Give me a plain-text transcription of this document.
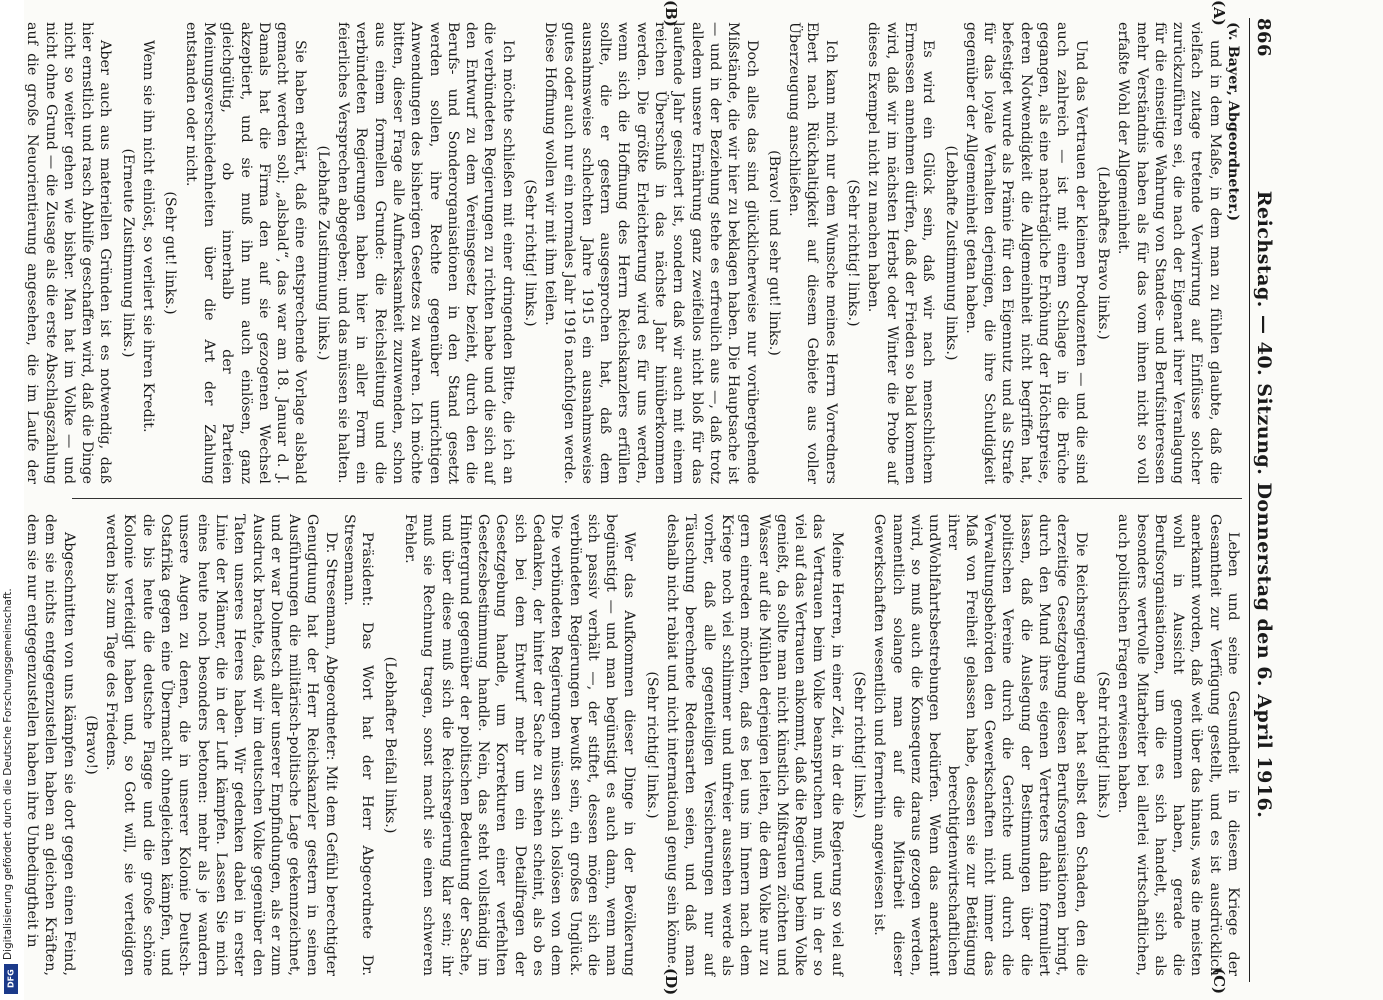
866
Reichstag. — 40. Sitzung. Donnerstag den 6. April 1916.
(A)
(B)
(C)
(D)

(v. Bayer, Abgeordneter.)

und in dem Maße, in dem man zu fühlen glaubte, daß die vielfach zutage tretende Verwirrung auf Einflüsse solcher zurückzuführen sei, die nach der Eigenart ihrer Veranlagung für die einseitige Wahrung von Standes- und Berufsinteressen mehr Verständnis haben als für das vom ihnen nicht so voll erfaßte Wohl der Allgemeinheit.

(Lebhaftes Bravo links.)

Und das Vertrauen der kleinen Produzenten — und die sind auch zahlreich — ist mit einem Schlage in die Brüche gegangen, als eine nachträgliche Erhöhung der Höchstpreise, deren Notwendigkeit die Allgemeinheit nicht begriffen hat, befestiget wurde als Prämie für den Eigennutz und als Strafe für das loyale Verhalten derjenigen, die ihre Schuldigkeit gegenüber der Allgemeinheit getan haben.

(Lebhafte Zustimmung links.)

Es wird ein Glück sein, daß wir nach menschlichem Ermessen annehmen dürfen, daß der Frieden so bald kommen wird, daß wir im nächsten Herbst oder Winter die Probe auf dieses Exempel nicht zu machen haben.

(Sehr richtig! links.)

Ich kann mich nur dem Wunsche meines Herrn Vorredners Ebert nach Rückhaltigkeit auf diesem Gebiete aus voller Überzeugung anschließen.

(Bravo! und sehr gut! links.)

Doch alles das sind glücklicherweise nur vorübergehende Mißstände, die wir hier zu beklagen haben. Die Hauptsache ist — und in der Beziehung stehe es erfreulich aus —, daß trotz alledem unsere Ernährung ganz zweifellos nicht bloß für das laufende Jahr gesichert ist, sondern daß wir auch mit einem reichen Überschuß in das nächste Jahr hinüberkommen werden. Die größte Erleichterung wird es für uns werden, wenn sich die Hoffnung des Herrn Reichskanzlers erfüllen sollte, die er gestern ausgesprochen hat, daß dem ausnahmsweise schlechten Jahre 1915 ein ausnahmsweise gutes oder auch nur ein normales Jahr 1916 nachfolgen werde. Diese Hoffnung wollen wir mit ihm teilen.

(Sehr richtig! links.)

Ich möchte schließen mit einer dringenden Bitte, die ich an die verbündeten Regierungen zu richten habe und die sich auf den Entwurf zu dem Vereinsgesetz bezieht, durch den die Berufs- und Sonderorganisationen in den Stand gesetzt werden sollen, ihre Rechte gegenüber unrichtigen Anwendungen des bisherigen Gesetzes zu wahren. Ich möchte bitten, dieser Frage alle Aufmerksamkeit zuzuwenden, schon aus einem formellen Grunde: die Reichsleitung und die verbündeten Regierungen haben hier in aller Form ein feierliches Versprechen abgegeben; und das müssen sie halten.

(Lebhafte Zustimmung links.)

Sie haben erklärt, daß eine entsprechende Vorlage alsbald gemacht werden soll; „alsbald“, das war am 18. Januar d. J. Damals hat die Firma den auf sie gezogenen Wechsel akzeptiert, und sie muß ihn nun auch einlösen, ganz gleichgültig, ob innerhalb der Parteien Meinungsverschiedenheiten über die Art der Zahlung entstanden oder nicht.

(Sehr gut! links.)

Wenn sie ihn nicht einlöst, so verliert sie ihren Kredit.

(Erneute Zustimmung links.)

Aber auch aus materiellen Gründen ist es notwendig, daß hier ernstlich und rasch Abhilfe geschaffen wird, daß die Dinge nicht so weiter gehen wie bisher. Man hat im Volke — und nicht ohne Grund — die Zusage als die erste Abschlagszahlung auf die große Neuorientierung angesehen, die im Laufe der

Leben und seine Gesundheit in diesem Kriege der Gesamtheit zur Verfügung gestellt, und es ist ausdrücklich anerkannt worden, daß weit über das hinaus, was die meisten wohl in Aussicht genommen haben, gerade die Berufsorganisationen, um die es sich handelt, sich als besonders wertvolle Mitarbeiter bei allerlei wirtschaftlichen, auch politischen Fragen erwiesen haben.

(Sehr richtig! links.)

Die Reichsregierung aber hat selbst den Schaden, den die derzeitige Gesetzgebung diesen Berufsorganisationen bringt, durch den Mund ihres eigenen Vertreters dahin formuliert lassen, daß die Auslegung der Bestimmungen über die politischen Vereine durch die Gerichte und durch die Verwaltungsbehörden den Gewerkschaften nicht immer das Maß von Freiheit gelassen habe, dessen sie zur Betätigung ihrer berechtigtenwirtschaftlichen undWohlfahrtsbestrebungen bedürfen. Wenn das anerkannt wird, so muß auch die Konsequenz daraus gezogen werden, namentlich solange man auf die Mitarbeit dieser Gewerkschaften wesentlich und fernerhin angewiesen ist.

(Sehr richtig! links.)

Meine Herren, in einer Zeit, in der die Regierung so viel auf das Vertrauen beim Volke beanspruchen muß, und in der so viel auf das Vertrauen ankommt, daß die Regierung beim Volke genießt, da sollte man nicht künstlich Mißtrauen züchten und Wasser auf die Mühlen derjenigen leiten, die dem Volke nur zu gern einreden möchten, daß es bei uns im Innern nach dem Kriege noch viel schlimmer und unfreier aussehen werde als vorher, daß alle gegenteiligen Versicherungen nur auf Täuschung berechnete Redensarten seien, und daß man deshalb nicht rabiat und nicht international genug sein könne.

(Sehr richtig! links.)

Wer das Aufkommen dieser Dinge in der Bevölkerung begünstigt — und man begünstigt es auch dann, wenn man sich passiv verhält —, der stiftet, dessen mögen sich die verbündeten Regierungen bewußt sein, ein großes Unglück. Die verbündeten Regierungen müssen sich loslösen von dem Gedanken, der hinter der Sache zu stehen scheint, als ob es sich bei dem Entwurf mehr um ein Detailfragen der Gesetzgebung handle, um Korrekturen einer verfehlten Gesetzesbestimmung handle. Nein, das steht vollständig im Hintergrund gegenüber der politischen Bedeutung der Sache, und über diese muß sich die Reichsregierung klar sein; ihr muß sie Rechnung tragen, sonst macht sie einen schweren Fehler.

(Lebhafter Beifall links.)

Präsident: Das Wort hat der Herr Abgeordnete Dr. Stresemann.

Dr. Stresemann, Abgeordneter: Mit dem Gefühl berechtigter Genugtuung hat der Herr Reichskanzler gestern in seinen Ausführungen die militärisch-politische Lage gekennzeichnet, und er war Dolmetsch aller unserer Empfindungen, als er zum Ausdruck brachte, daß wir im deutschen Volke gegenüber den Taten unseres Heeres haben. Wir gedenken dabei in erster Linie der Männer, die in der Luft kämpfen. Lassen Sie mich eines heute noch besonders betonen: mehr als je wandern unsere Augen zu denen, die in unserer Kolonie Deutsch-Ostafrika gegen eine Übermacht ohnegleichen kämpfen, und die bis heute die deutsche Flagge und die große schöne Kolonie verteidigt haben und, so Gott will, sie verteidigen werden bis zum Tage des Friedens.

(Bravo!)

Abgeschnitten von uns kämpfen sie dort gegen einen Feind, dem sie nichts entgegenzustellen haben an gleichen Kräften, dem sie nur entgegenzustellen haben ihre Unbedingtheit in

Digitalisierung gefördert durch die Deutsche Forschungsgemeinschaft.
DFG
